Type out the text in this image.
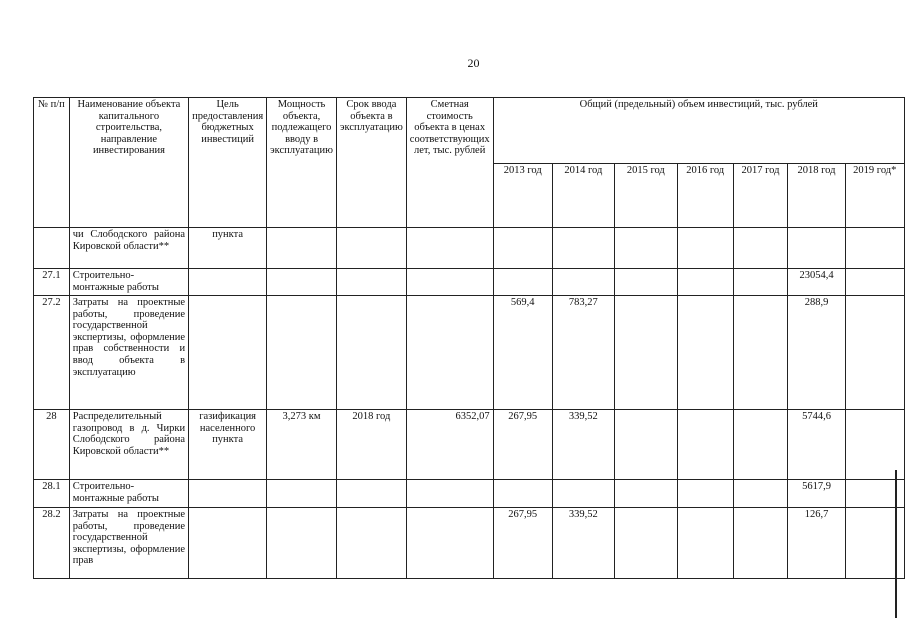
20
№ п/п	Наименование объекта капитального строительства, направление инвестирования	Цель предоставления бюджетных инвестиций	Мощность объекта, подлежащего вводу в эксплуатацию	Срок ввода объекта в эксплуатацию	Сметная стоимость объекта в ценах соответствующих лет, тыс. рублей	Общий (предельный) объем инвестиций, тыс. рублей						
						2013 год	2014 год	2015 год	2016 год	2017 год	2018 год	2019 год*
	чи Слободского района Кировской области**	пункта										
27.1	Строительно-монтажные работы										23054,4	
27.2	Затраты на проектные работы, проведение государственной экспертизы, оформление прав собственности и ввод объекта в эксплуатацию					569,4	783,27				288,9	
28	Распределительный газопровод в д. Чирки Слободского района Кировской области**	газификация населенного пункта	3,273 км	2018 год	6352,07	267,95	339,52				5744,6	
28.1	Строительно-монтажные работы										5617,9	
28.2	Затраты на проектные работы, проведение государственной экспертизы, оформление прав					267,95	339,52				126,7	
